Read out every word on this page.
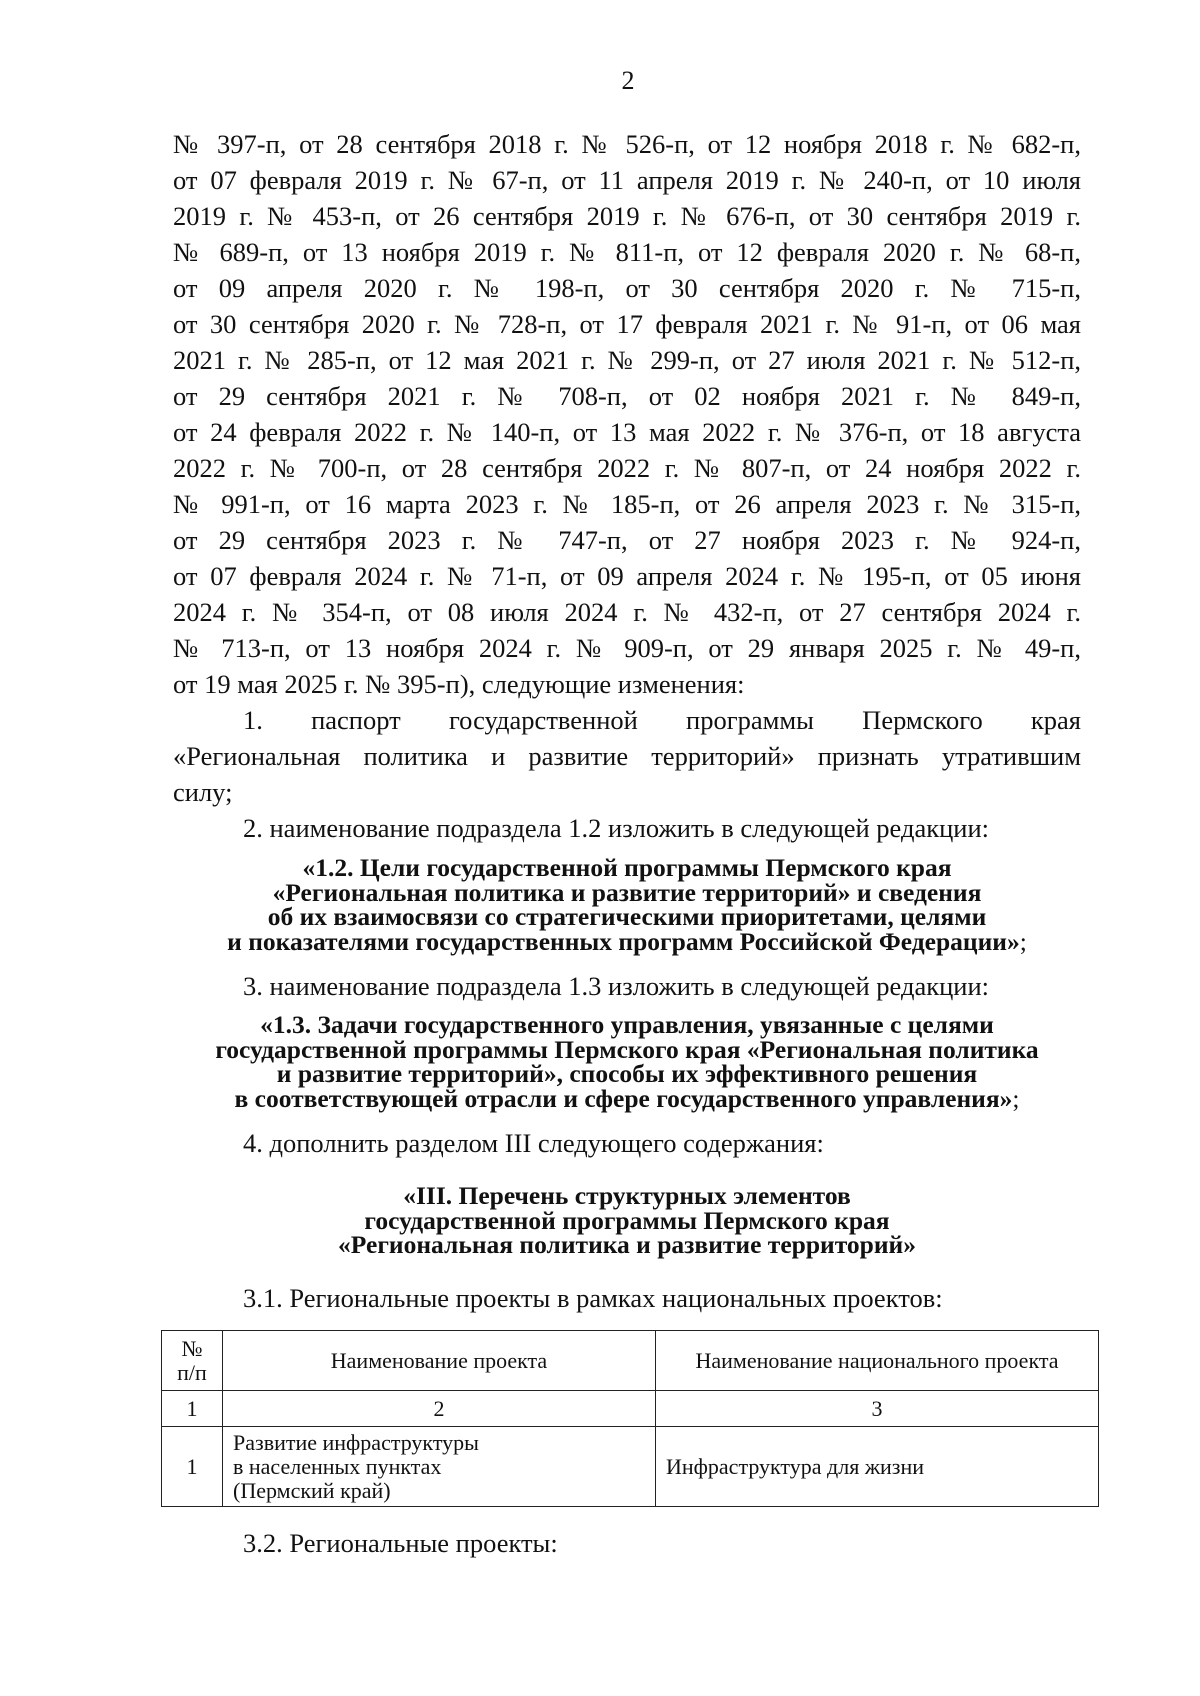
2
№ 397-п, от 28 сентября 2018 г. № 526-п, от 12 ноября 2018 г. № 682-п,
от 07 февраля 2019 г. № 67-п, от 11 апреля 2019 г. № 240-п, от 10 июля
2019 г. № 453-п, от 26 сентября 2019 г. № 676-п, от 30 сентября 2019 г.
№ 689-п, от 13 ноября 2019 г. № 811-п, от 12 февраля 2020 г. № 68-п,
от 09 апреля 2020 г. № 198-п, от 30 сентября 2020 г. № 715-п,
от 30 сентября 2020 г. № 728-п, от 17 февраля 2021 г. № 91-п, от 06 мая
2021 г. № 285-п, от 12 мая 2021 г. № 299-п, от 27 июля 2021 г. № 512-п,
от 29 сентября 2021 г. № 708-п, от 02 ноября 2021 г. № 849-п,
от 24 февраля 2022 г. № 140-п, от 13 мая 2022 г. № 376-п, от 18 августа
2022 г. № 700-п, от 28 сентября 2022 г. № 807-п, от 24 ноября 2022 г.
№ 991-п, от 16 марта 2023 г. № 185-п, от 26 апреля 2023 г. № 315-п,
от 29 сентября 2023 г. № 747-п, от 27 ноября 2023 г. № 924-п,
от 07 февраля 2024 г. № 71-п, от 09 апреля 2024 г. № 195-п, от 05 июня
2024 г. № 354-п, от 08 июля 2024 г. № 432-п, от 27 сентября 2024 г.
№ 713-п, от 13 ноября 2024 г. № 909-п, от 29 января 2025 г. № 49-п,
от 19 мая 2025 г. № 395-п), следующие изменения:
1. паспорт государственной программы Пермского края
«Региональная политика и развитие территорий» признать утратившим
силу;
2. наименование подраздела 1.2 изложить в следующей редакции:
«1.2. Цели государственной программы Пермского края
«Региональная политика и развитие территорий» и сведения
об их взаимосвязи со стратегическими приоритетами, целями
и показателями государственных программ Российской Федерации»;
3. наименование подраздела 1.3 изложить в следующей редакции:
«1.3. Задачи государственного управления, увязанные с целями
государственной программы Пермского края «Региональная политика
и развитие территорий», способы их эффективного решения
в соответствующей отрасли и сфере государственного управления»;
4. дополнить разделом III следующего содержания:
«III. Перечень структурных элементов
государственной программы Пермского края
«Региональная политика и развитие территорий»
3.1. Региональные проекты в рамках национальных проектов:
№
п/п	Наименование проекта	Наименование национального проекта
1	2	3
1	Развитие инфраструктуры
в населенных пунктах
(Пермский край)	Инфраструктура для жизни
3.2. Региональные проекты:
